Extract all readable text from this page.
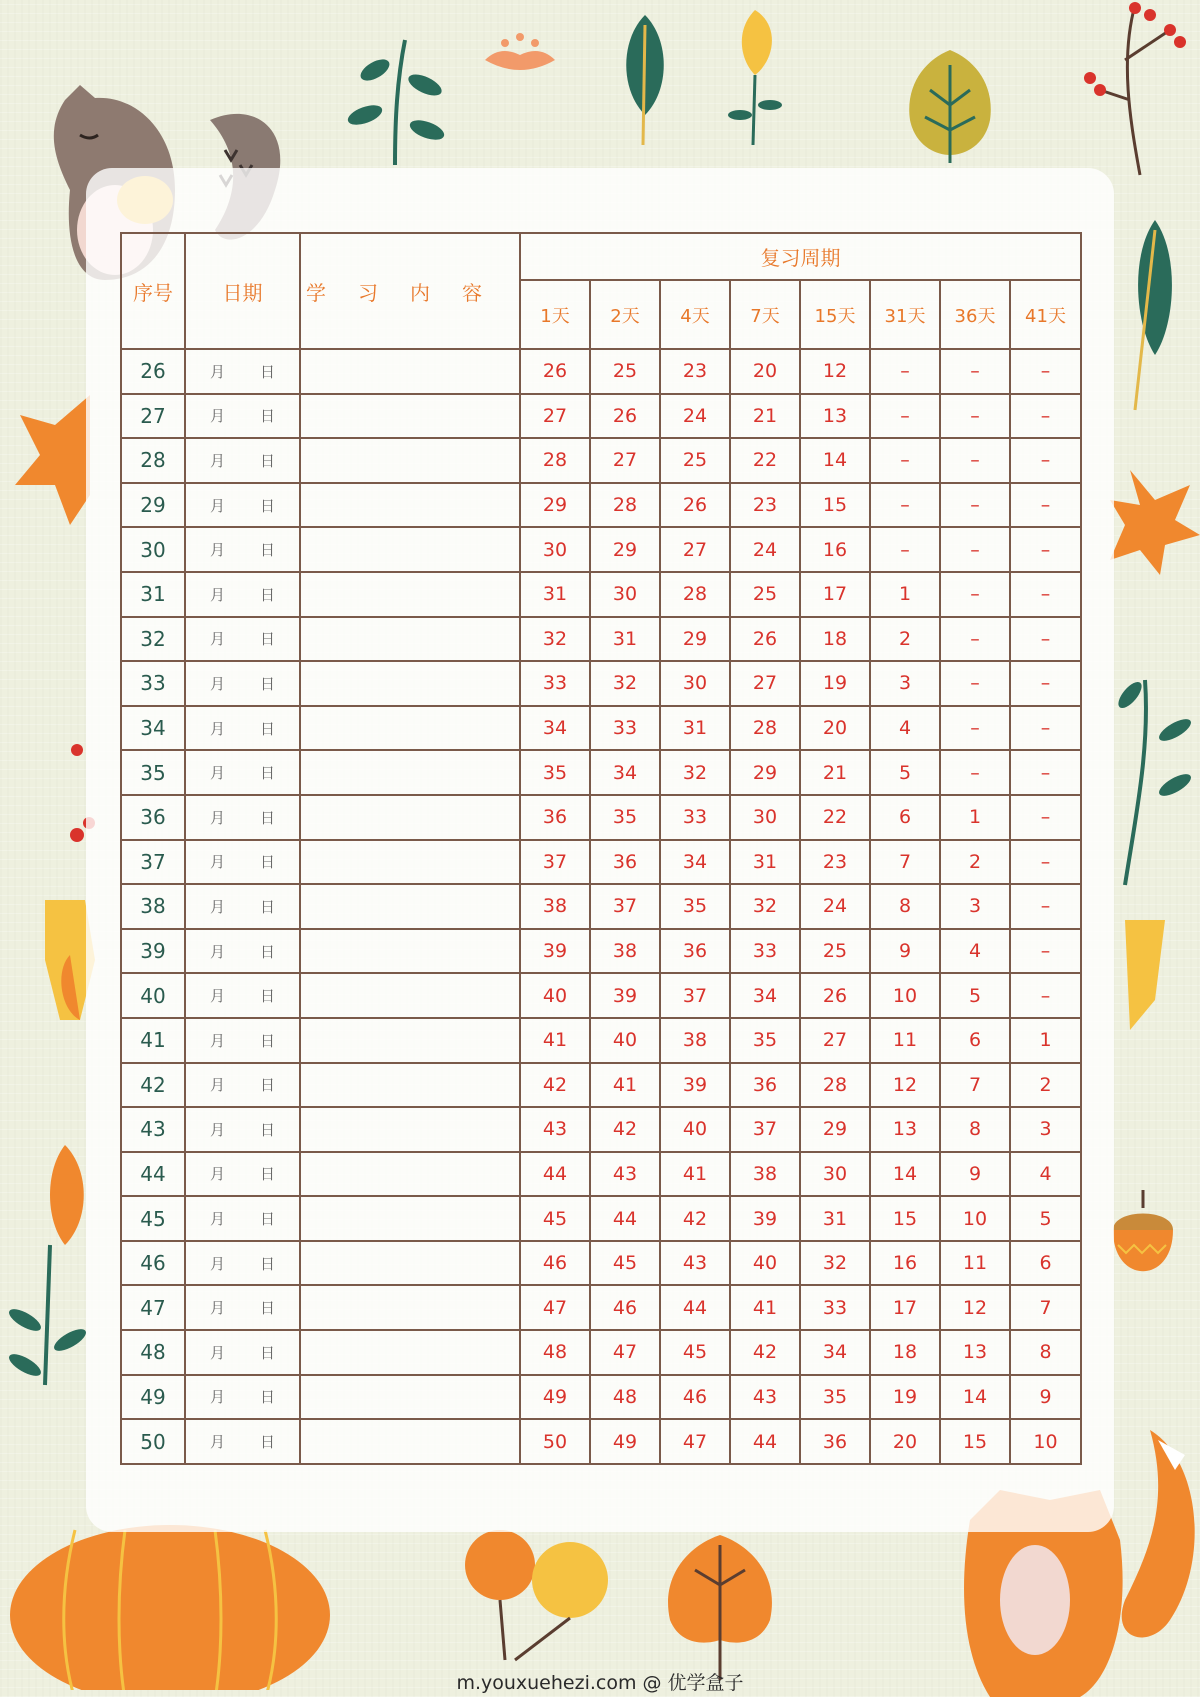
序号	日期	学习内容	复习周期							
			1天	2天	4天	7天	15天	31天	36天	41天
26	月 日		26	25	23	20	12	–	–	–
27	月 日		27	26	24	21	13	–	–	–
28	月 日		28	27	25	22	14	–	–	–
29	月 日		29	28	26	23	15	–	–	–
30	月 日		30	29	27	24	16	–	–	–
31	月 日		31	30	28	25	17	1	–	–
32	月 日		32	31	29	26	18	2	–	–
33	月 日		33	32	30	27	19	3	–	–
34	月 日		34	33	31	28	20	4	–	–
35	月 日		35	34	32	29	21	5	–	–
36	月 日		36	35	33	30	22	6	1	–
37	月 日		37	36	34	31	23	7	2	–
38	月 日		38	37	35	32	24	8	3	–
39	月 日		39	38	36	33	25	9	4	–
40	月 日		40	39	37	34	26	10	5	–
41	月 日		41	40	38	35	27	11	6	1
42	月 日		42	41	39	36	28	12	7	2
43	月 日		43	42	40	37	29	13	8	3
44	月 日		44	43	41	38	30	14	9	4
45	月 日		45	44	42	39	31	15	10	5
46	月 日		46	45	43	40	32	16	11	6
47	月 日		47	46	44	41	33	17	12	7
48	月 日		48	47	45	42	34	18	13	8
49	月 日		49	48	46	43	35	19	14	9
50	月 日		50	49	47	44	36	20	15	10
m.youxuehezi.com @ 优学盒子
